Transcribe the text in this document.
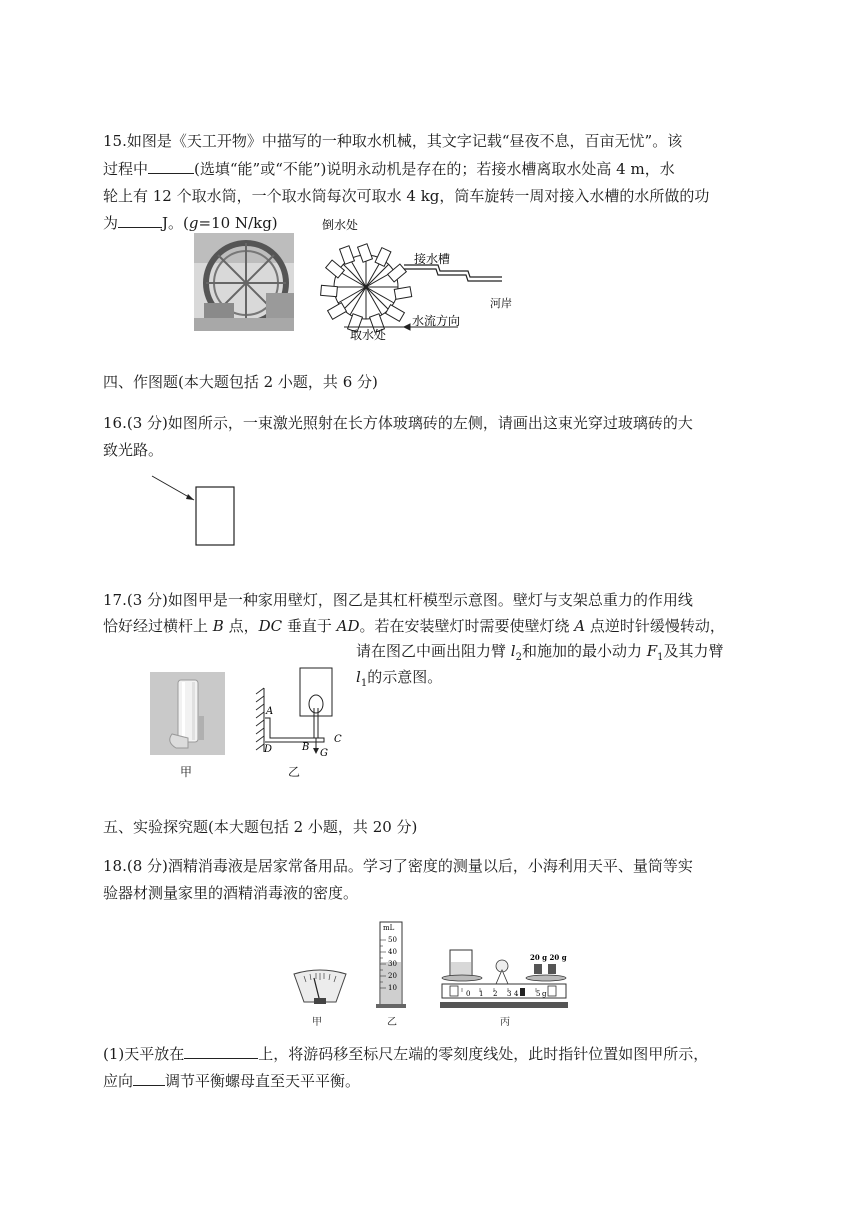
15.如图是《天工开物》中描写的一种取水机械，其文字记载“昼夜不息，百亩无忧”。该
过程中	(选填“能”或“不能”)说明永动机是存在的；若接水槽离取水处高 4 m，水
轮上有 12 个取水筒，一个取水筒每次可取水 4 kg，筒车旋转一周对接入水槽的水所做的功
为	J。(g=10 N/kg)	倒水处
接水槽
河岸
水流方向
取水处
四、作图题(本大题包括 2 小题，共 6 分)
16.(3 分)如图所示，一束激光照射在长方体玻璃砖的左侧，请画出这束光穿过玻璃砖的大
致光路。
17.(3 分)如图甲是一种家用壁灯，图乙是其杠杆模型示意图。壁灯与支架总重力的作用线
恰好经过横杆上 B 点，DC 垂直于 AD。若在安装壁灯时需要使壁灯绕 A 点逆时针缓慢转动，
请在图乙中画出阻力臂 $l_2$和施加的最小动力 $F_1$及其力臂
$l_1$的示意图。
甲
A
D	B
C
G
乙
五、实验探究题(本大题包括 2 小题，共 20 分)
18.(8 分)酒精消毒液是居家常备用品。学习了密度的测量以后，小海利用天平、量筒等实
验器材测量家里的酒精消毒液的密度。
甲
mL
50
40
30
20
10
乙
20 g 20 g
0 1 2 3 4	5 g
丙
(1)天平放在	上，将游码移至标尺左端的零刻度线处，此时指针位置如图甲所示，
应向 调节平衡螺母直至天平平衡。
